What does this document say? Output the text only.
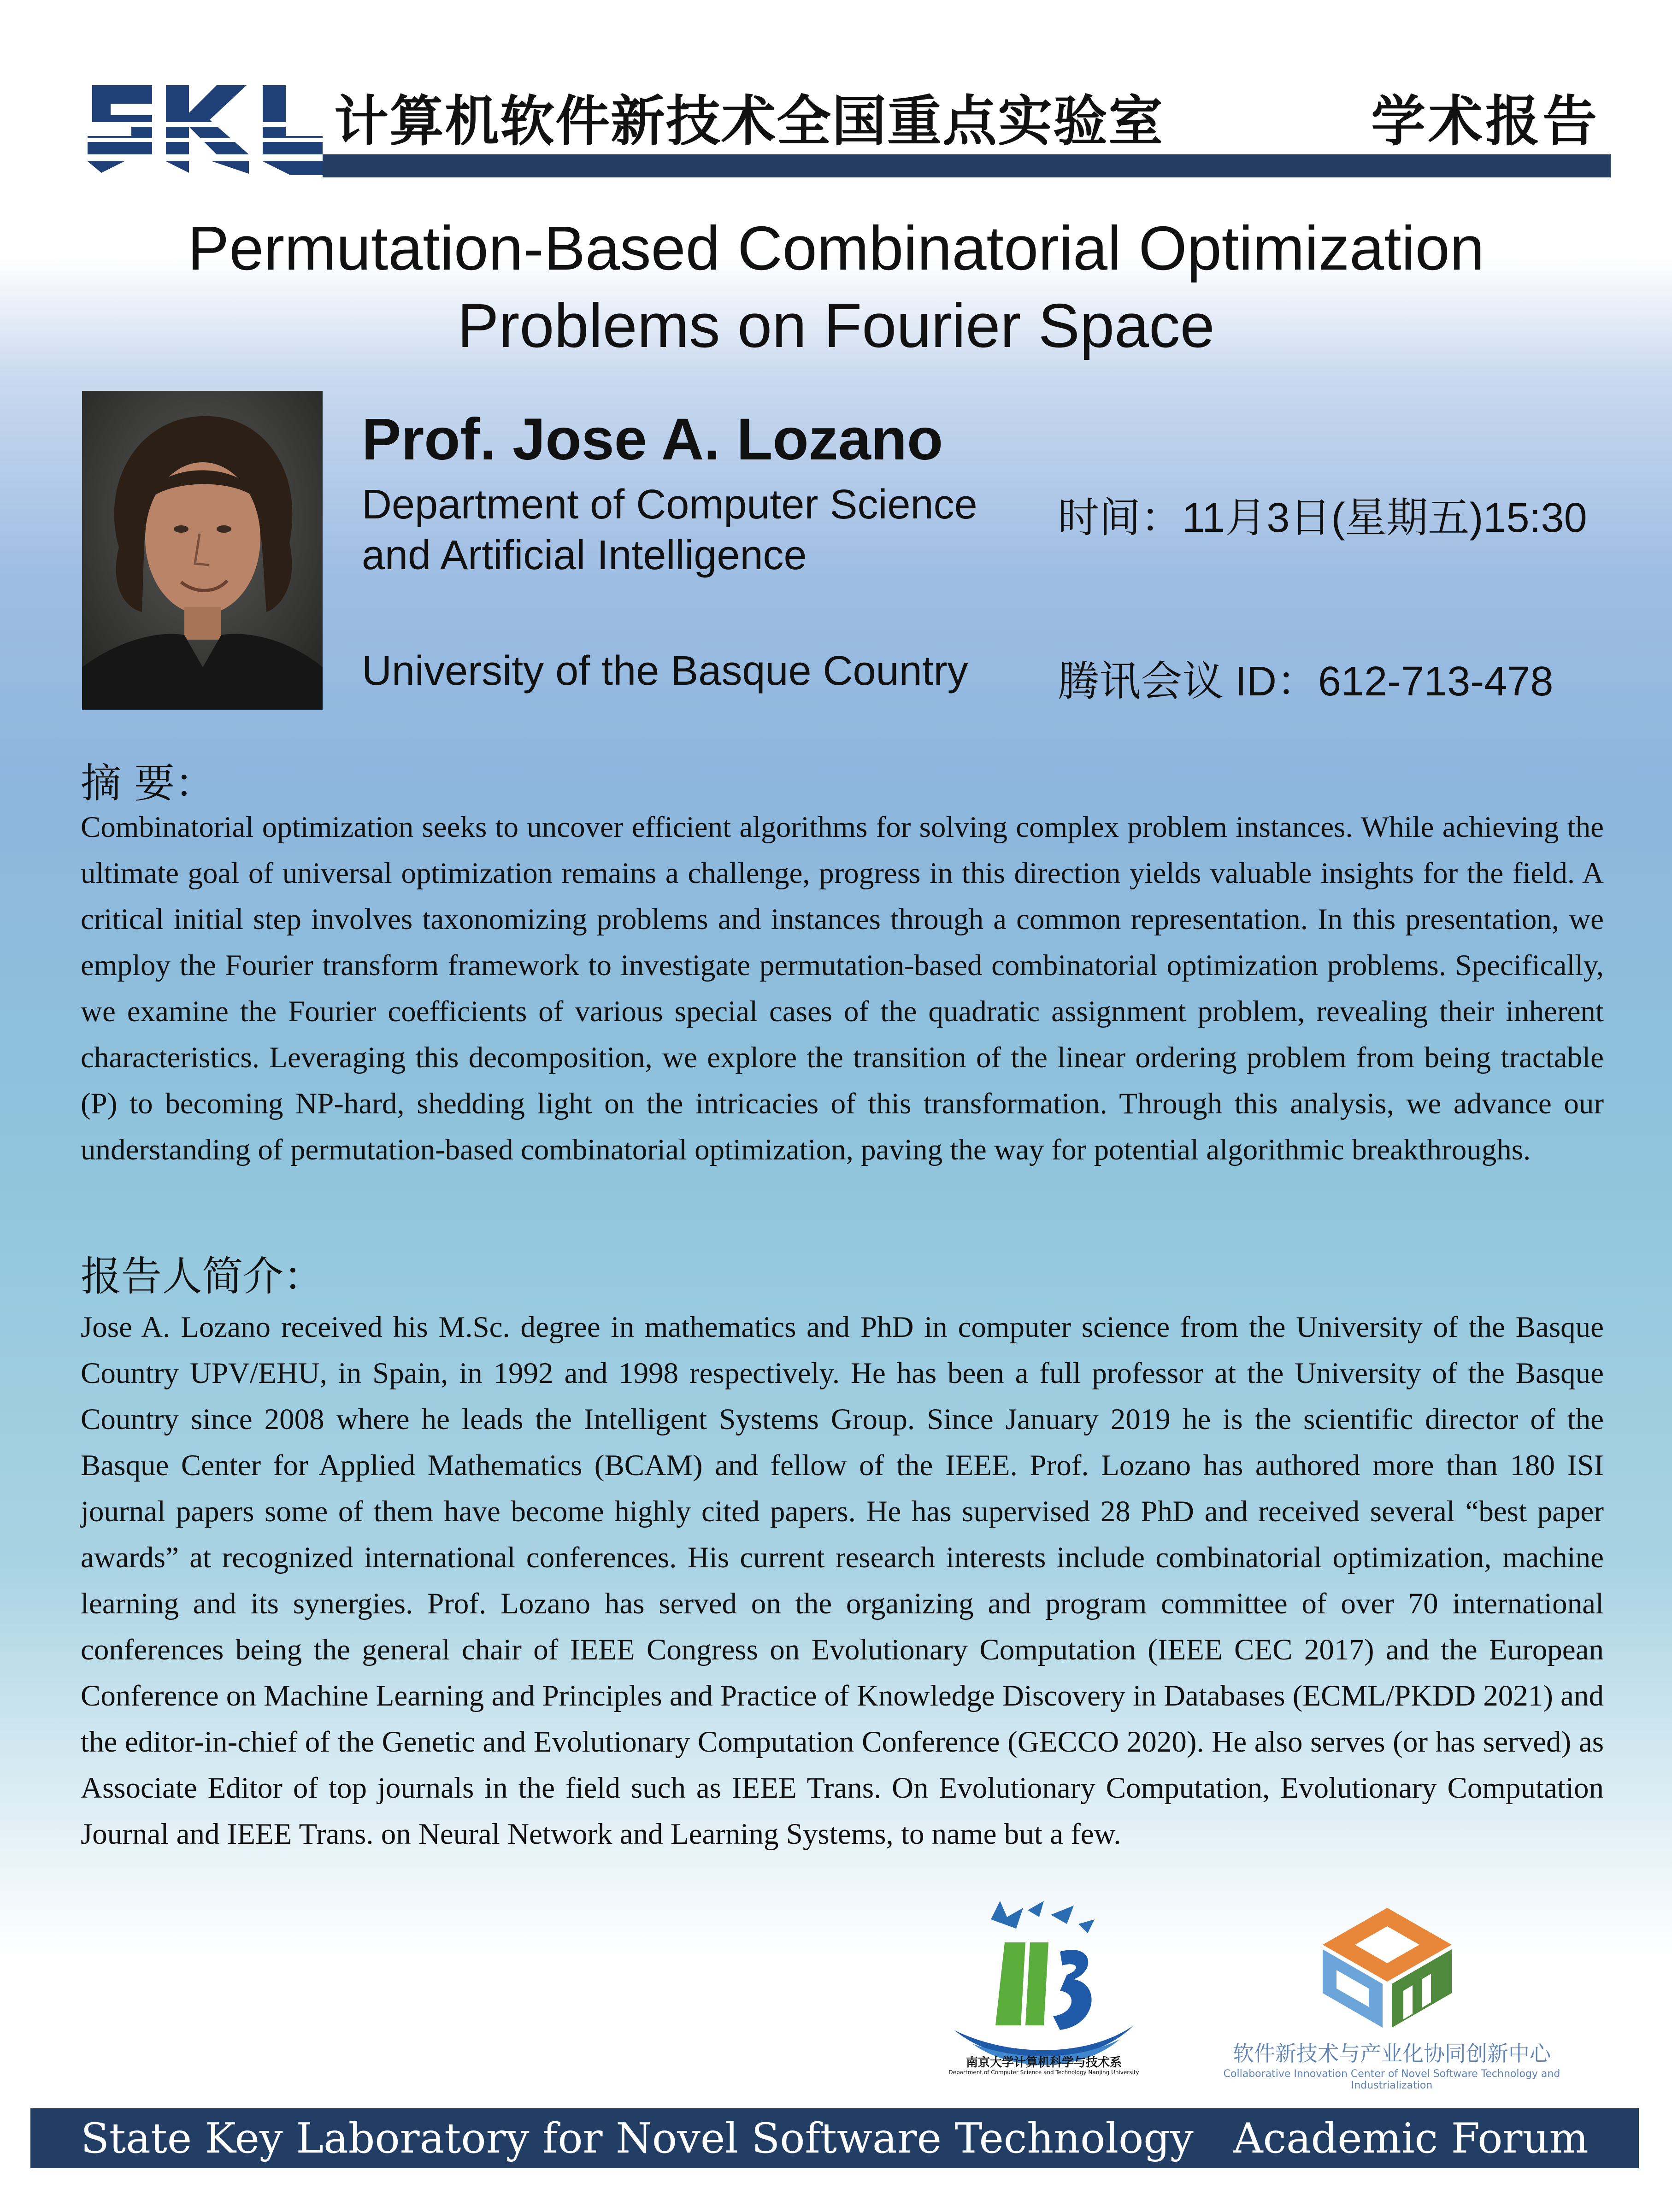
计算机软件新技术全国重点实验室	学术报告
Permutation-Based Combinatorial Optimization
Problems on Fourier Space
Prof. Jose A. Lozano
Department of Computer Science
and Artificial Intelligence
University of the Basque Country
时间：11月3日(星期五)15:30
腾讯会议 ID：612-713-478
摘 要：
Combinatorial optimization seeks to uncover efficient algorithms for solving complex problem instances. While achieving the ultimate goal of universal optimization remains a challenge, progress in this direction yields valuable insights for the field. A critical initial step involves taxonomizing problems and instances through a common representation. In this presentation, we employ the Fourier transform framework to investigate permutation-based combinatorial optimization problems. Specifically, we examine the Fourier coefficients of various special cases of the quadratic assignment problem, revealing their inherent characteristics. Leveraging this decomposition, we explore the transition of the linear ordering problem from being tractable (P) to becoming NP-hard, shedding light on the intricacies of this transformation. Through this analysis, we advance our understanding of permutation-based combinatorial optimization, paving the way for potential algorithmic breakthroughs.
报告人简介：
Jose A. Lozano received his M.Sc. degree in mathematics and PhD in computer science from the University of the Basque Country UPV/EHU, in Spain, in 1992 and 1998 respectively. He has been a full professor at the University of the Basque Country since 2008 where he leads the Intelligent Systems Group. Since January 2019 he is the scientific director of the Basque Center for Applied Mathematics (BCAM) and fellow of the IEEE. Prof. Lozano has authored more than 180 ISI journal papers some of them have become highly cited papers. He has supervised 28 PhD and received several “best paper awards” at recognized international conferences. His current research interests include combinatorial optimization, machine learning and its synergies. Prof. Lozano has served on the organizing and program committee of over 70 international conferences being the general chair of IEEE Congress on Evolutionary Computation (IEEE CEC 2017) and the European Conference on Machine Learning and Principles and Practice of Knowledge Discovery in Databases (ECML/PKDD 2021) and the editor-in-chief of the Genetic and Evolutionary Computation Conference (GECCO 2020). He also serves (or has served) as Associate Editor of top journals in the field such as IEEE Trans. On Evolutionary Computation, Evolutionary Computation Journal and IEEE Trans. on Neural Network and Learning Systems, to name but a few.
南京大学计算机科学与技术系
Department of Computer Science and Technology Nanjing University
软件新技术与产业化协同创新中心
Collaborative Innovation Center of Novel Software Technology and Industrialization
State Key Laboratory for Novel Software Technology   Academic Forum
